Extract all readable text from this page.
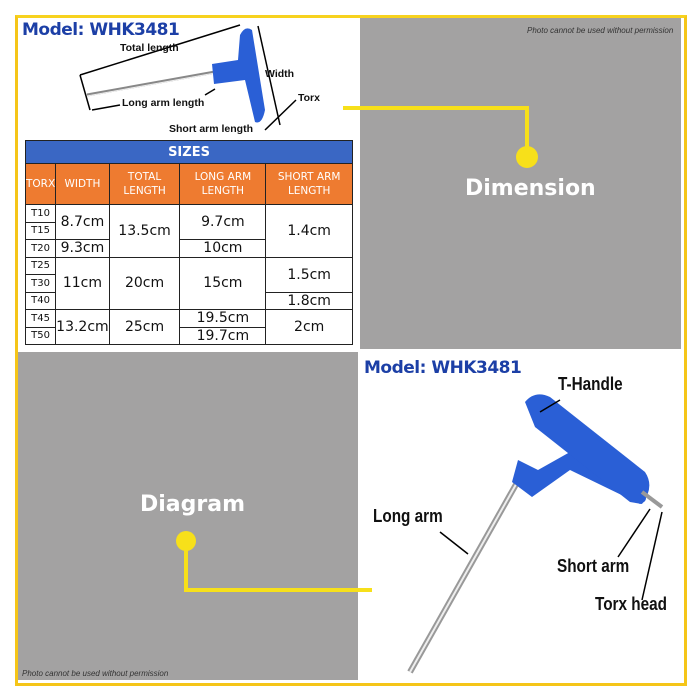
Model: WHK3481
Total length
Long arm length
Width
Torx
Short arm length
SIZES				
TORX	WIDTH	TOTAL LENGTH	LONG ARM LENGTH	SHORT ARM LENGTH
T10	8.7cm	13.5cm	9.7cm	1.4cm
T15				
T20	9.3cm		10cm	
T25	11cm	20cm	15cm	1.5cm
T30				
T40				1.8cm
T45	13.2cm	25cm	19.5cm	2cm
T50			19.7cm	
Photo cannot be used without permission
Dimension
Diagram
Photo cannot be used without permission
Model: WHK3481
T-Handle
Long arm
Short arm
Torx head
